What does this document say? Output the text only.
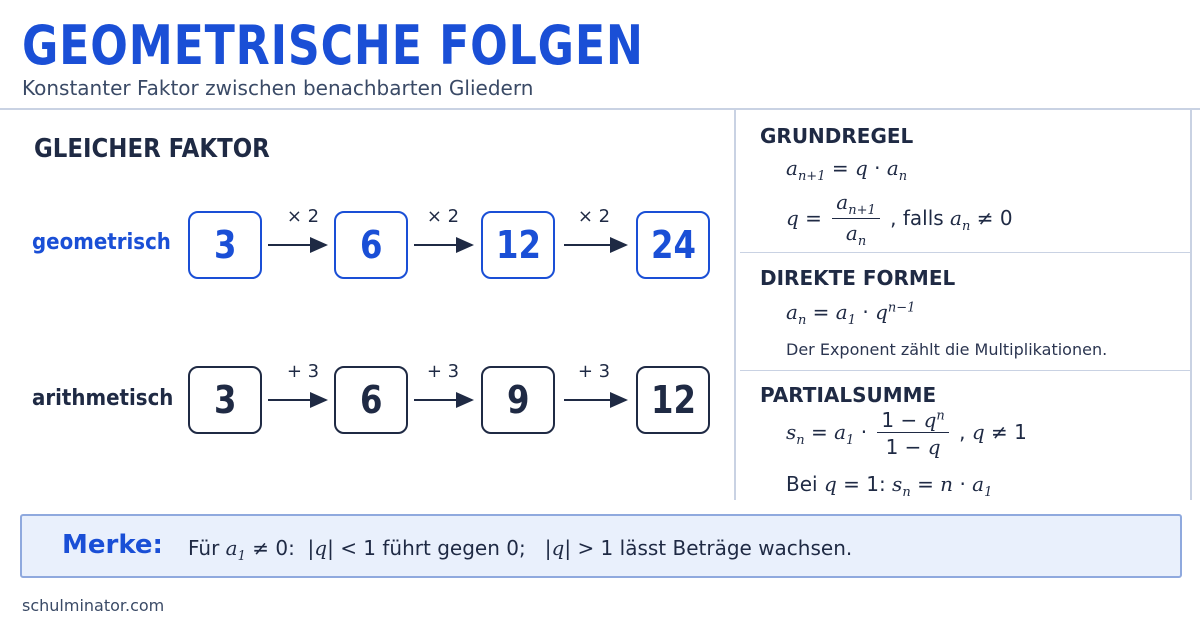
GEOMETRISCHE FOLGEN
Konstanter Faktor zwischen benachbarten Gliedern
GLEICHER FAKTOR
geometrisch
arithmetisch
3	6	12	24
× 2	× 2	× 2
3	6	9	12
+ 3	+ 3	+ 3
GRUNDREGEL
$a_{n+1} = q \cdot a_n$
$q = \frac{a_{n+1}}{a_n}$ , falls $a_n \ne 0$
DIREKTE FORMEL
$a_n = a_1 \cdot q^{n-1}$
Der Exponent zählt die Multiplikationen.
PARTIALSUMME
$s_n = a_1 \cdot \frac{1 - q^n}{1 - q}$ , q ≠ 1
Bei q = 1: $s_n = n \cdot a_1$
Merke: Für $a_1 \ne 0$:  |q| < 1 führt gegen 0;   |q| > 1 lässt Beträge wachsen.
schulminator.com
